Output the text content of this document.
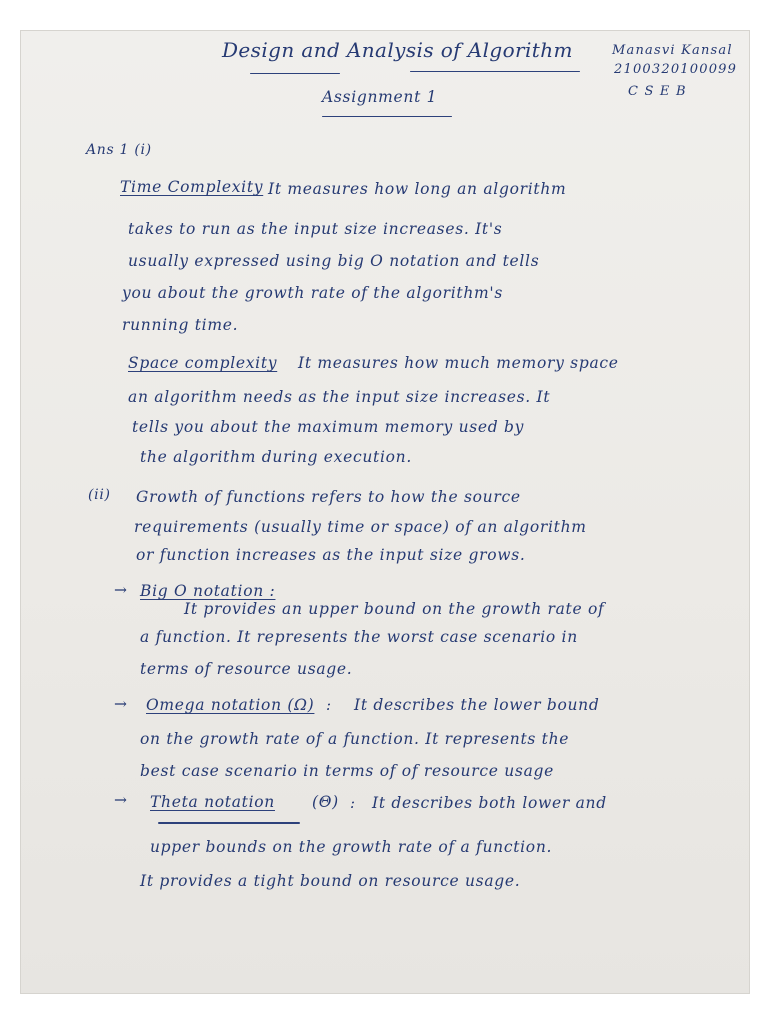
Design and Analysis of Algorithm

Assignment 1

Manasvi Kansal

2100320100099

C S E B

Ans 1 (i)

Time Complexity It measures how long an algorithm

takes to run as the input size increases. It's

usually expressed using big O notation and tells

you about the growth rate of the algorithm's

running time.

Space complexity It measures how much memory space

an algorithm needs as the input size increases. It

tells you about the maximum memory used by

the algorithm during execution.

(ii) Growth of functions refers to how the source

requirements (usually time or space) of an algorithm

or function increases as the input size grows.

→ Big O notation :

It provides an upper bound on the growth rate of

a function. It represents the worst case scenario in

terms of resource usage.

→ Omega notation (Ω) : It describes the lower bound

on the growth rate of a function. It represents the

best case scenario in terms of of resource usage

→ Theta notation (Θ) : It describes both lower and

upper bounds on the growth rate of a function.

It provides a tight bound on resource usage.
